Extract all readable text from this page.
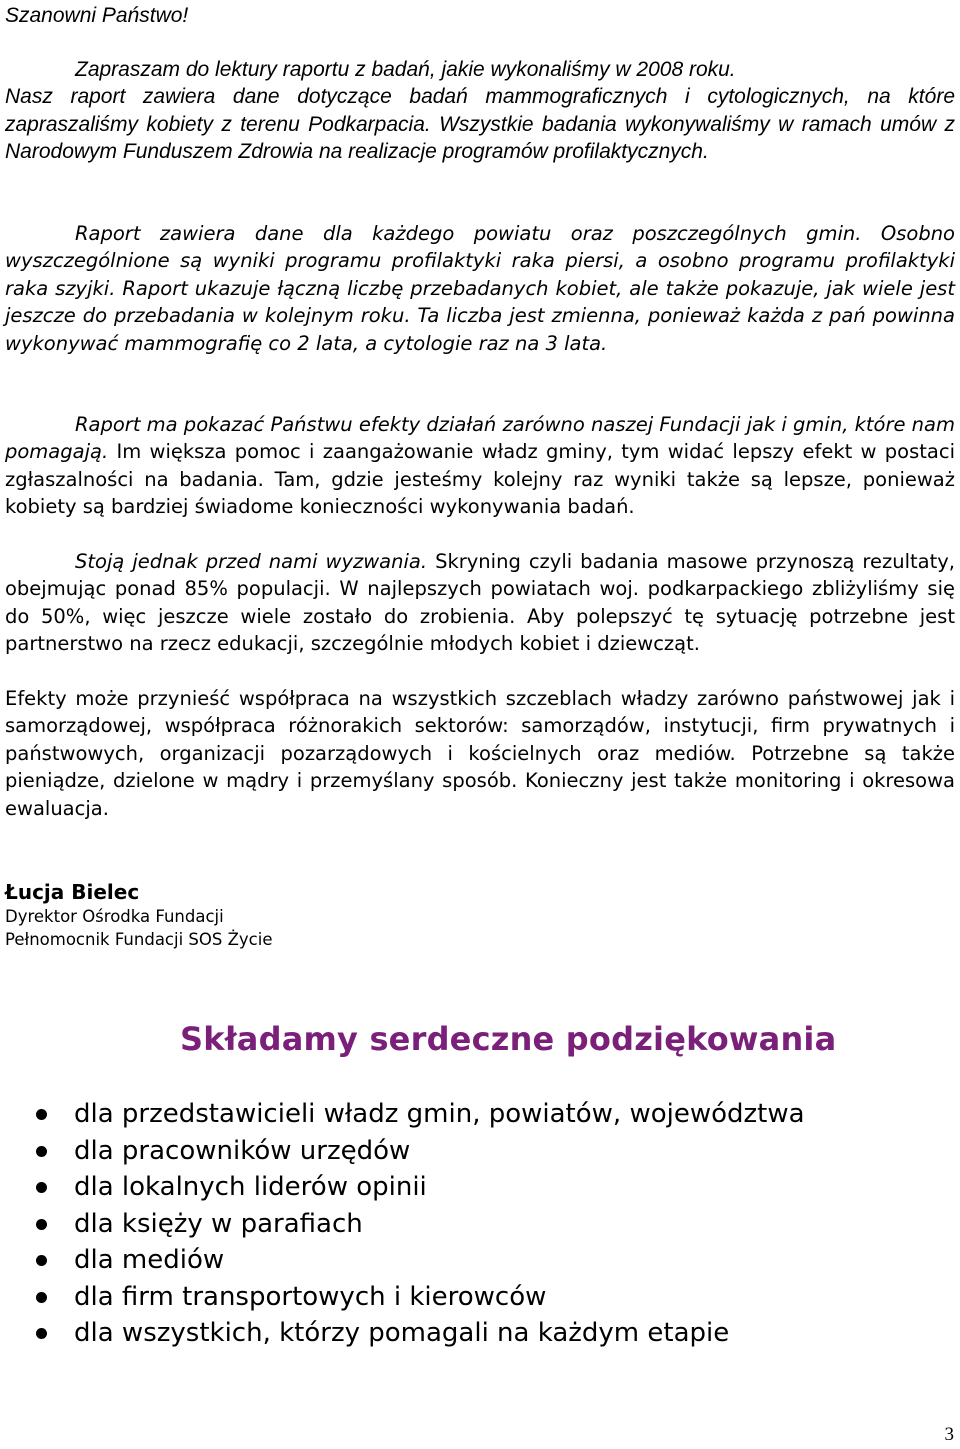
Szanowni Państwo!

Zapraszam do lektury raportu z badań, jakie wykonaliśmy w 2008 roku.
Nasz raport zawiera dane dotyczące badań mammograficznych i cytologicznych, na które zapraszaliśmy kobiety z terenu Podkarpacia. Wszystkie badania wykonywaliśmy w ramach umów z Narodowym Funduszem Zdrowia na realizacje programów profilaktycznych.

Raport zawiera dane dla każdego powiatu oraz poszczególnych gmin. Osobno wyszczególnione są wyniki programu profilaktyki raka piersi, a osobno programu profilaktyki raka szyjki. Raport ukazuje łączną liczbę przebadanych kobiet, ale także pokazuje, jak wiele jest jeszcze do przebadania w kolejnym roku. Ta liczba jest zmienna, ponieważ każda z pań powinna wykonywać mammografię co 2 lata, a cytologie raz na 3 lata.

Raport ma pokazać Państwu efekty działań zarówno naszej Fundacji jak i gmin, które nam pomagają. Im większa pomoc i zaangażowanie władz gminy, tym widać lepszy efekt w postaci zgłaszalności na badania. Tam, gdzie jesteśmy kolejny raz wyniki także są lepsze, ponieważ kobiety są bardziej świadome konieczności wykonywania badań.

Stoją jednak przed nami wyzwania. Skryning czyli badania masowe przynoszą rezultaty, obejmując ponad 85% populacji. W najlepszych powiatach woj. podkarpackiego zbliżyliśmy się do 50%, więc jeszcze wiele zostało do zrobienia. Aby polepszyć tę sytuację potrzebne jest partnerstwo na rzecz edukacji, szczególnie młodych kobiet i dziewcząt.

Efekty może przynieść współpraca na wszystkich szczeblach władzy zarówno państwowej jak i samorządowej, współpraca różnorakich sektorów: samorządów, instytucji, firm prywatnych i państwowych, organizacji pozarządowych i kościelnych oraz mediów. Potrzebne są także pieniądze, dzielone w mądry i przemyślany sposób. Konieczny jest także monitoring i okresowa ewaluacja.

Łucja Bielec

Dyrektor Ośrodka Fundacji

Pełnomocnik Fundacji SOS Życie

Składamy serdeczne podziękowania
dla przedstawicieli władz gmin, powiatów, województwa
dla pracowników urzędów
dla lokalnych liderów opinii
dla księży w parafiach
dla mediów
dla firm transportowych i kierowców
dla wszystkich, którzy pomagali na każdym etapie

3
